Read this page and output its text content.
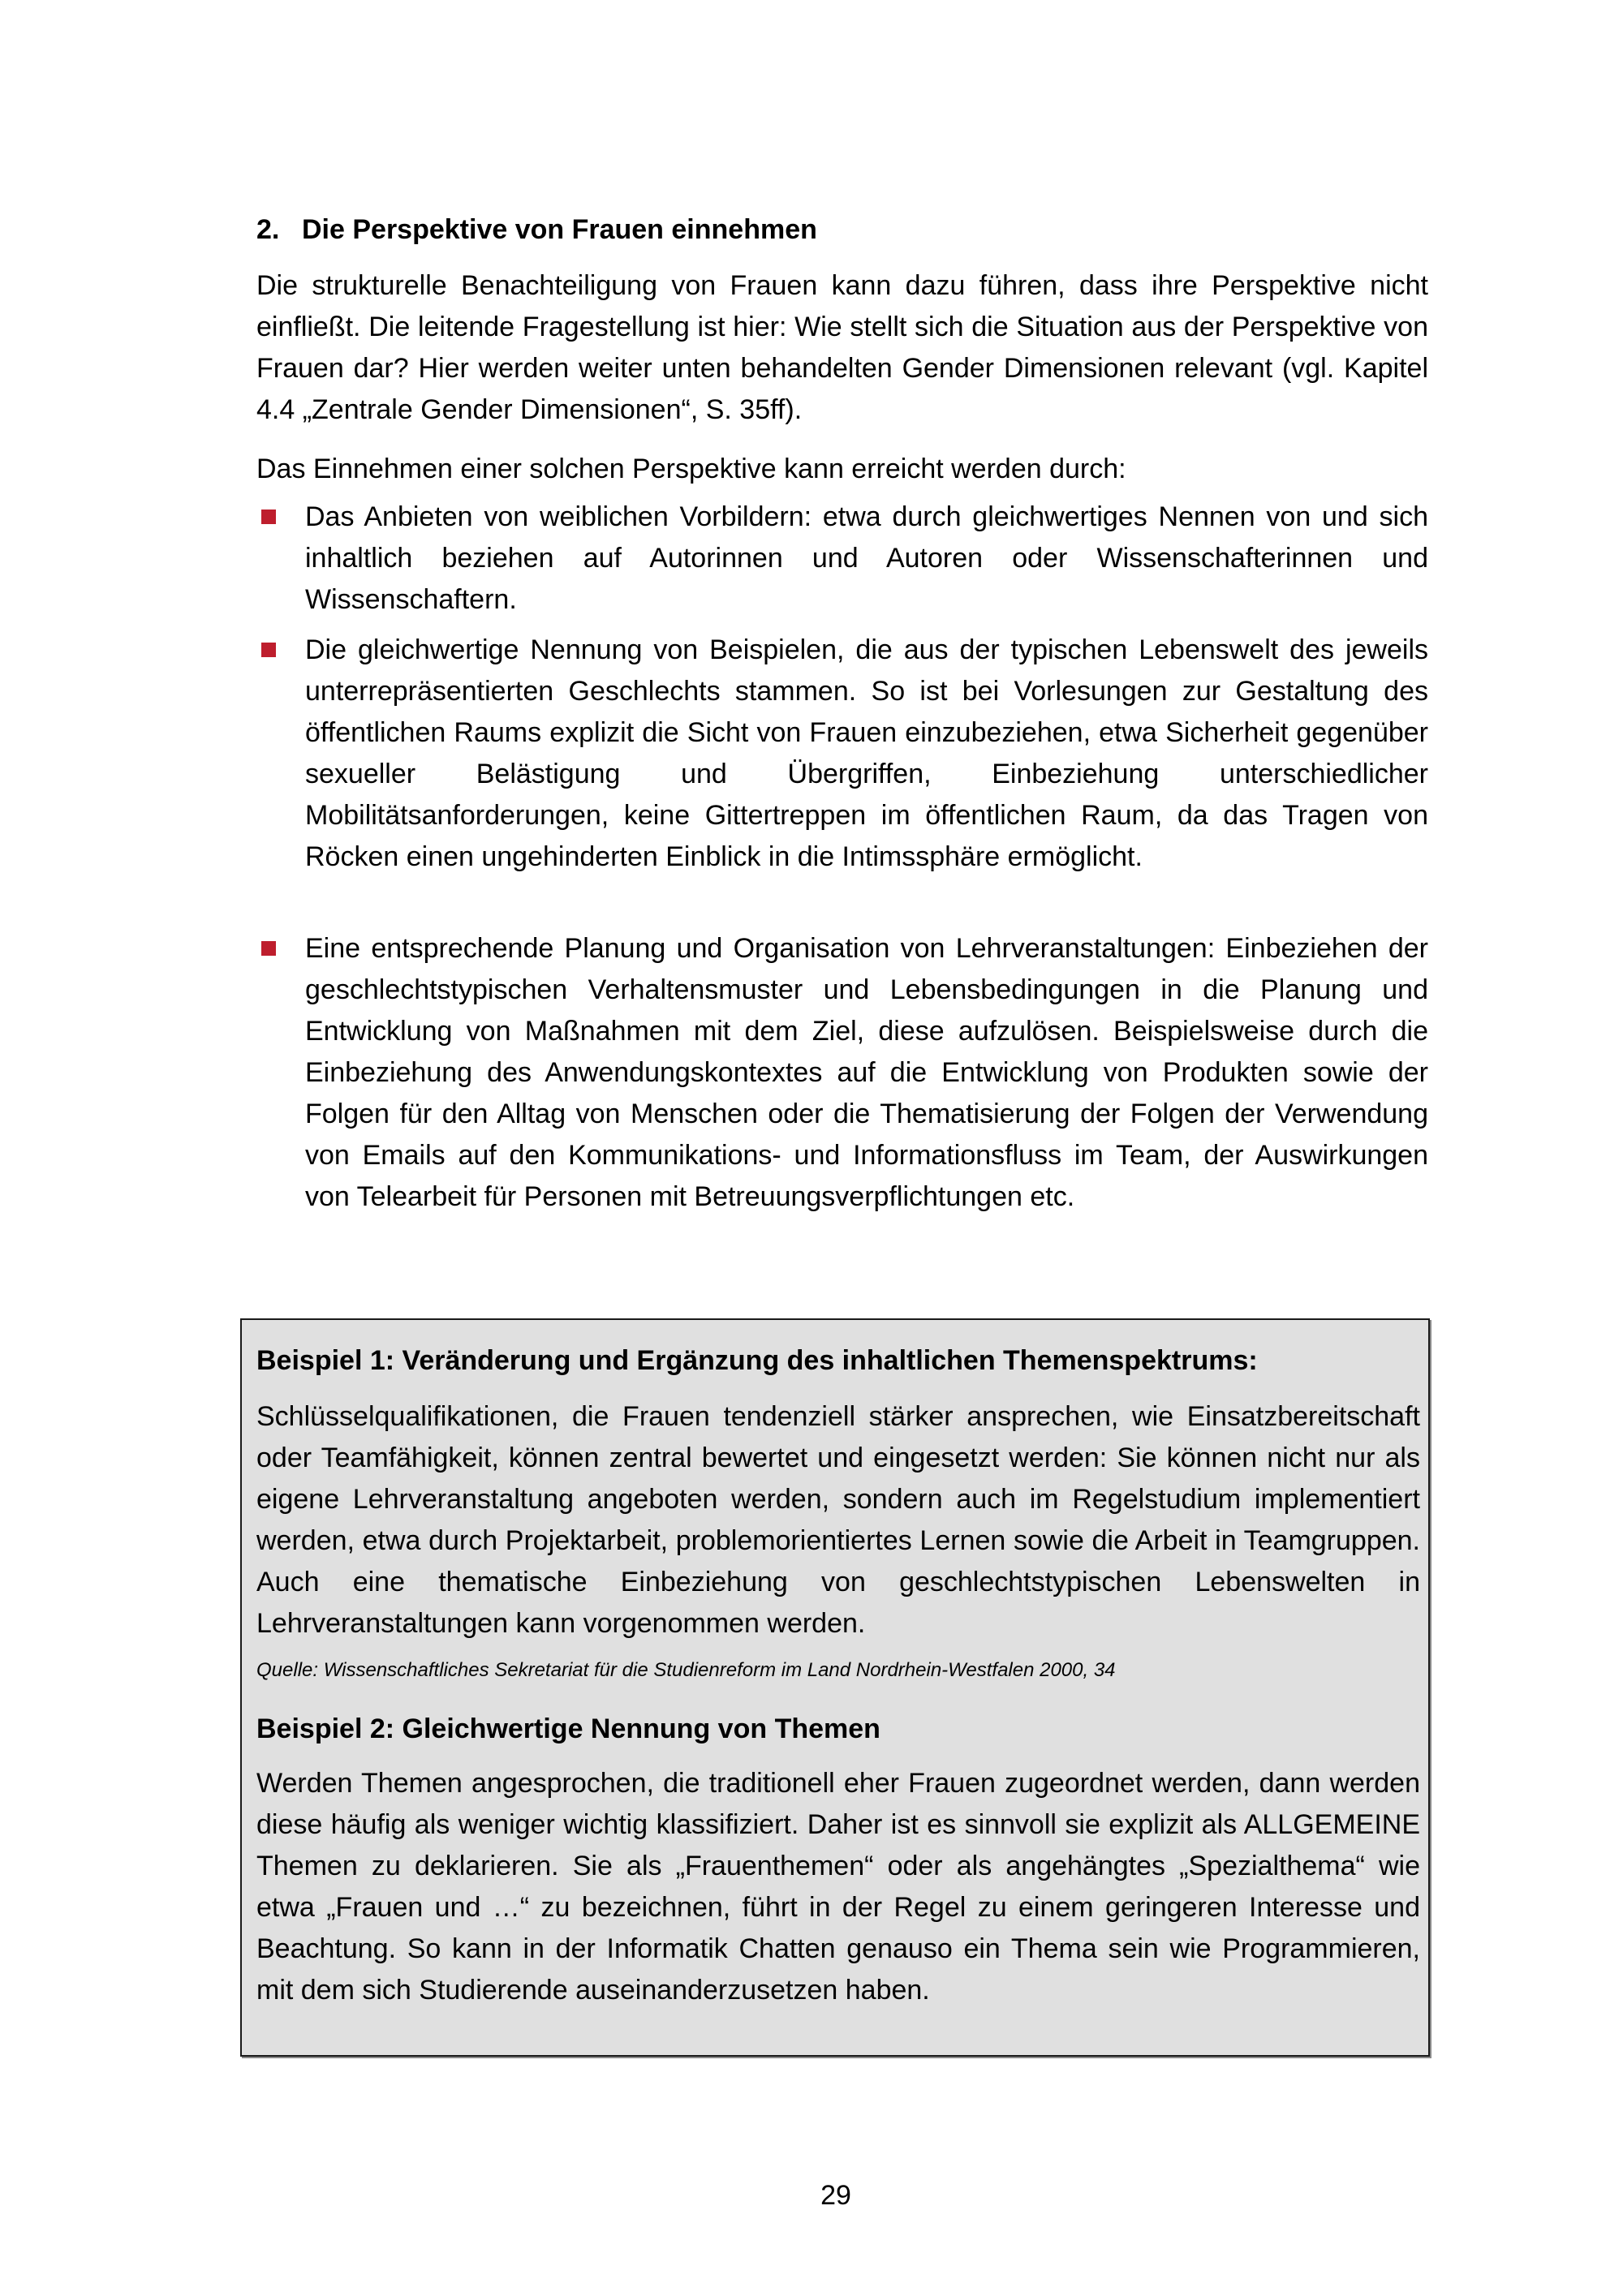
2. Die Perspektive von Frauen einnehmen

Die strukturelle Benachteiligung von Frauen kann dazu führen, dass ihre Perspektive nicht einfließt. Die leitende Fragestellung ist hier: Wie stellt sich die Situation aus der Perspektive von Frauen dar? Hier werden weiter unten behandelten Gender Dimensionen relevant (vgl. Kapitel 4.4 „Zentrale Gender Dimensionen“, S. 35ff).

Das Einnehmen einer solchen Perspektive kann erreicht werden durch:

Das Anbieten von weiblichen Vorbildern: etwa durch gleichwertiges Nennen von und sich inhaltlich beziehen auf Autorinnen und Autoren oder Wissenschafterinnen und Wissenschaftern.
Die gleichwertige Nennung von Beispielen, die aus der typischen Lebenswelt des jeweils unterrepräsentierten Geschlechts stammen. So ist bei Vorlesungen zur Gestaltung des öffentlichen Raums explizit die Sicht von Frauen einzubeziehen, etwa Sicherheit gegenüber sexueller Belästigung und Übergriffen, Einbeziehung unterschiedlicher Mobilitätsanforderungen, keine Gittertreppen im öffentlichen Raum, da das Tragen von Röcken einen ungehinderten Einblick in die Intimssphäre ermöglicht.
Eine entsprechende Planung und Organisation von Lehrveranstaltungen: Einbeziehen der geschlechtstypischen Verhaltensmuster und Lebensbedingungen in die Planung und Entwicklung von Maßnahmen mit dem Ziel, diese aufzulösen. Beispielsweise durch die Einbeziehung des Anwendungskontextes auf die Entwicklung von Produkten sowie der Folgen für den Alltag von Menschen oder die Thematisierung der Folgen der Verwendung von Emails auf den Kommunikations- und Informationsfluss im Team, der Auswirkungen von Telearbeit für Personen mit Betreuungsverpflichtungen etc.
Beispiel 1: Veränderung und Ergänzung des inhaltlichen Themenspektrums:

Schlüsselqualifikationen, die Frauen tendenziell stärker ansprechen, wie Einsatzbereitschaft oder Teamfähigkeit, können zentral bewertet und eingesetzt werden: Sie können nicht nur als eigene Lehrveranstaltung angeboten werden, sondern auch im Regelstudium implementiert werden, etwa durch Projektarbeit, problemorientiertes Lernen sowie die Arbeit in Teamgruppen. Auch eine thematische Einbeziehung von geschlechtstypischen Lebenswelten in Lehrveranstaltungen kann vorgenommen werden.

Quelle: Wissenschaftliches Sekretariat für die Studienreform im Land Nordrhein-Westfalen 2000, 34

Beispiel 2: Gleichwertige Nennung von Themen

Werden Themen angesprochen, die traditionell eher Frauen zugeordnet werden, dann werden diese häufig als weniger wichtig klassifiziert. Daher ist es sinnvoll sie explizit als ALLGEMEINE Themen zu deklarieren. Sie als „Frauenthemen“ oder als angehängtes „Spezialthema“ wie etwa „Frauen und …“ zu bezeichnen, führt in der Regel zu einem geringeren Interesse und Beachtung. So kann in der Informatik Chatten genauso ein Thema sein wie Programmieren, mit dem sich Studierende auseinanderzusetzen haben.

29
